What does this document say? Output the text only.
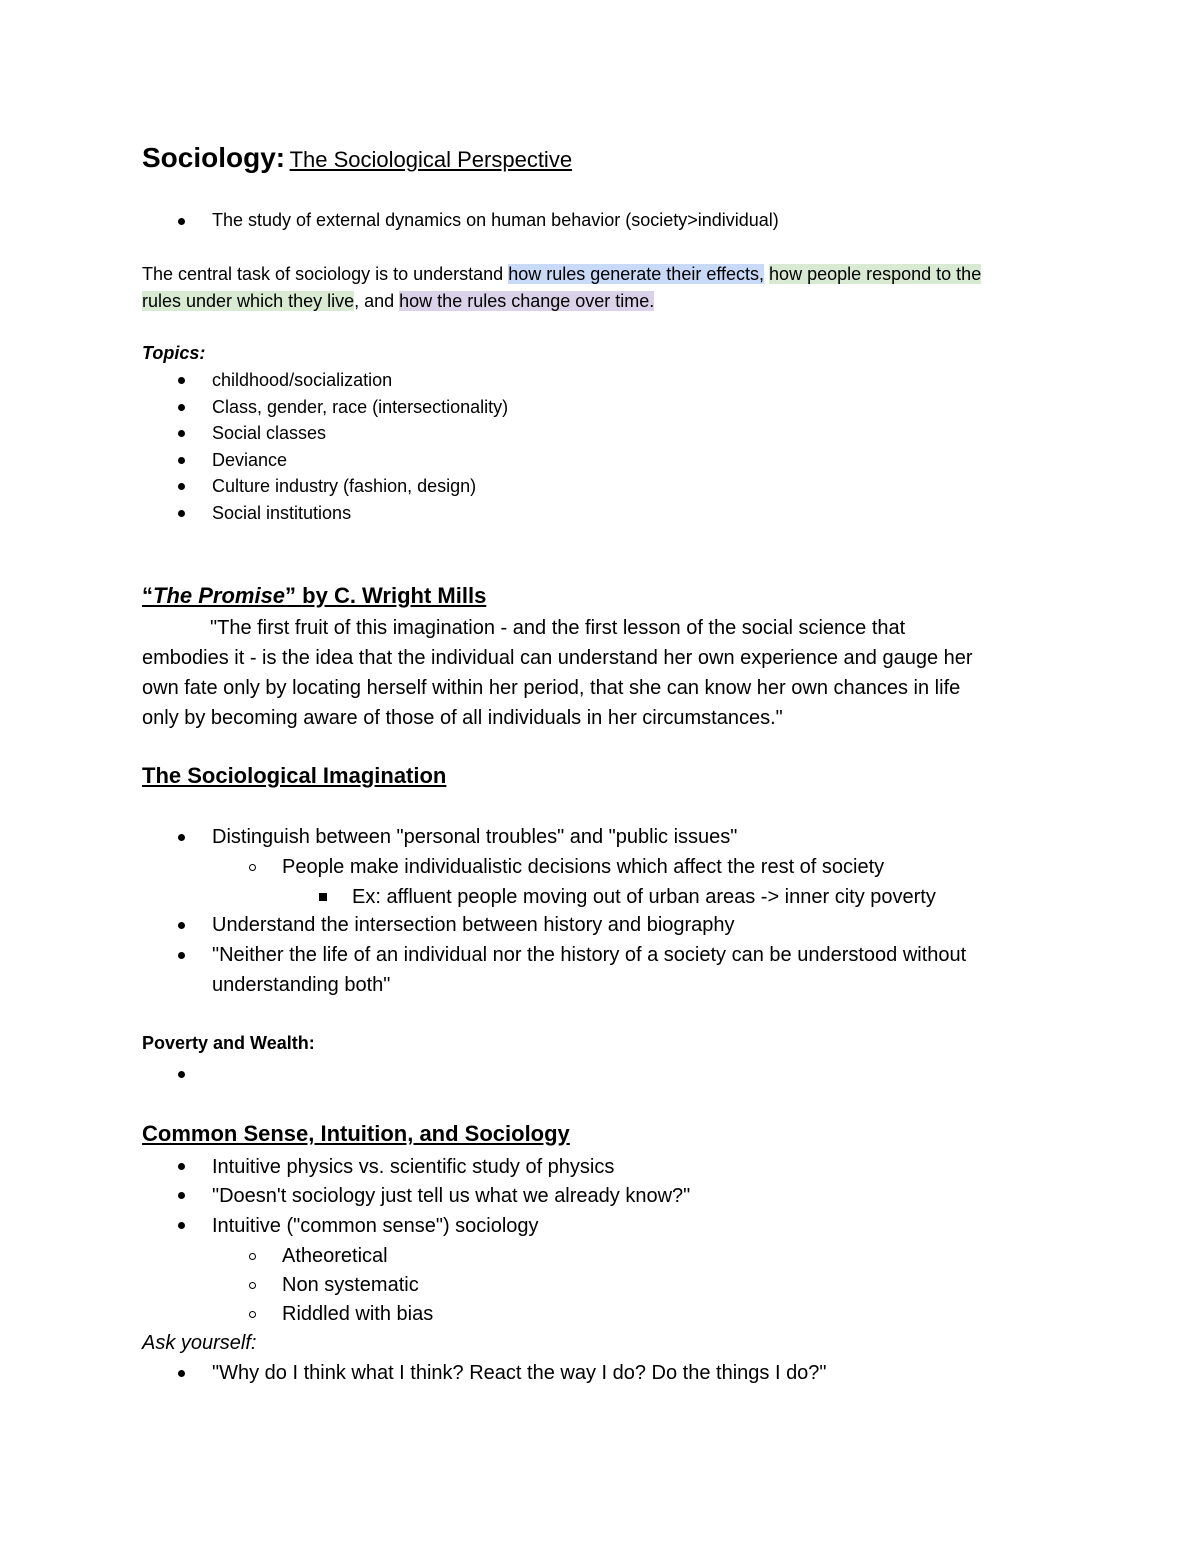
Sociology: The Sociological Perspective
The study of external dynamics on human behavior (society>individual)
The central task of sociology is to understand how rules generate their effects, how people respond to the
rules under which they live, and how the rules change over time.
Topics:
childhood/socialization
Class, gender, race (intersectionality)
Social classes
Deviance
Culture industry (fashion, design)
Social institutions
“The Promise” by C. Wright Mills
"The first fruit of this imagination - and the first lesson of the social science that
embodies it - is the idea that the individual can understand her own experience and gauge her
own fate only by locating herself within her period, that she can know her own chances in life
only by becoming aware of those of all individuals in her circumstances."
The Sociological Imagination
Distinguish between "personal troubles" and "public issues"
People make individualistic decisions which affect the rest of society
Ex: affluent people moving out of urban areas -> inner city poverty
Understand the intersection between history and biography
"Neither the life of an individual nor the history of a society can be understood without
understanding both"
Poverty and Wealth:
Common Sense, Intuition, and Sociology
Intuitive physics vs. scientific study of physics
"Doesn't sociology just tell us what we already know?"
Intuitive ("common sense") sociology
Atheoretical
Non systematic
Riddled with bias
Ask yourself:
"Why do I think what I think? React the way I do? Do the things I do?"
